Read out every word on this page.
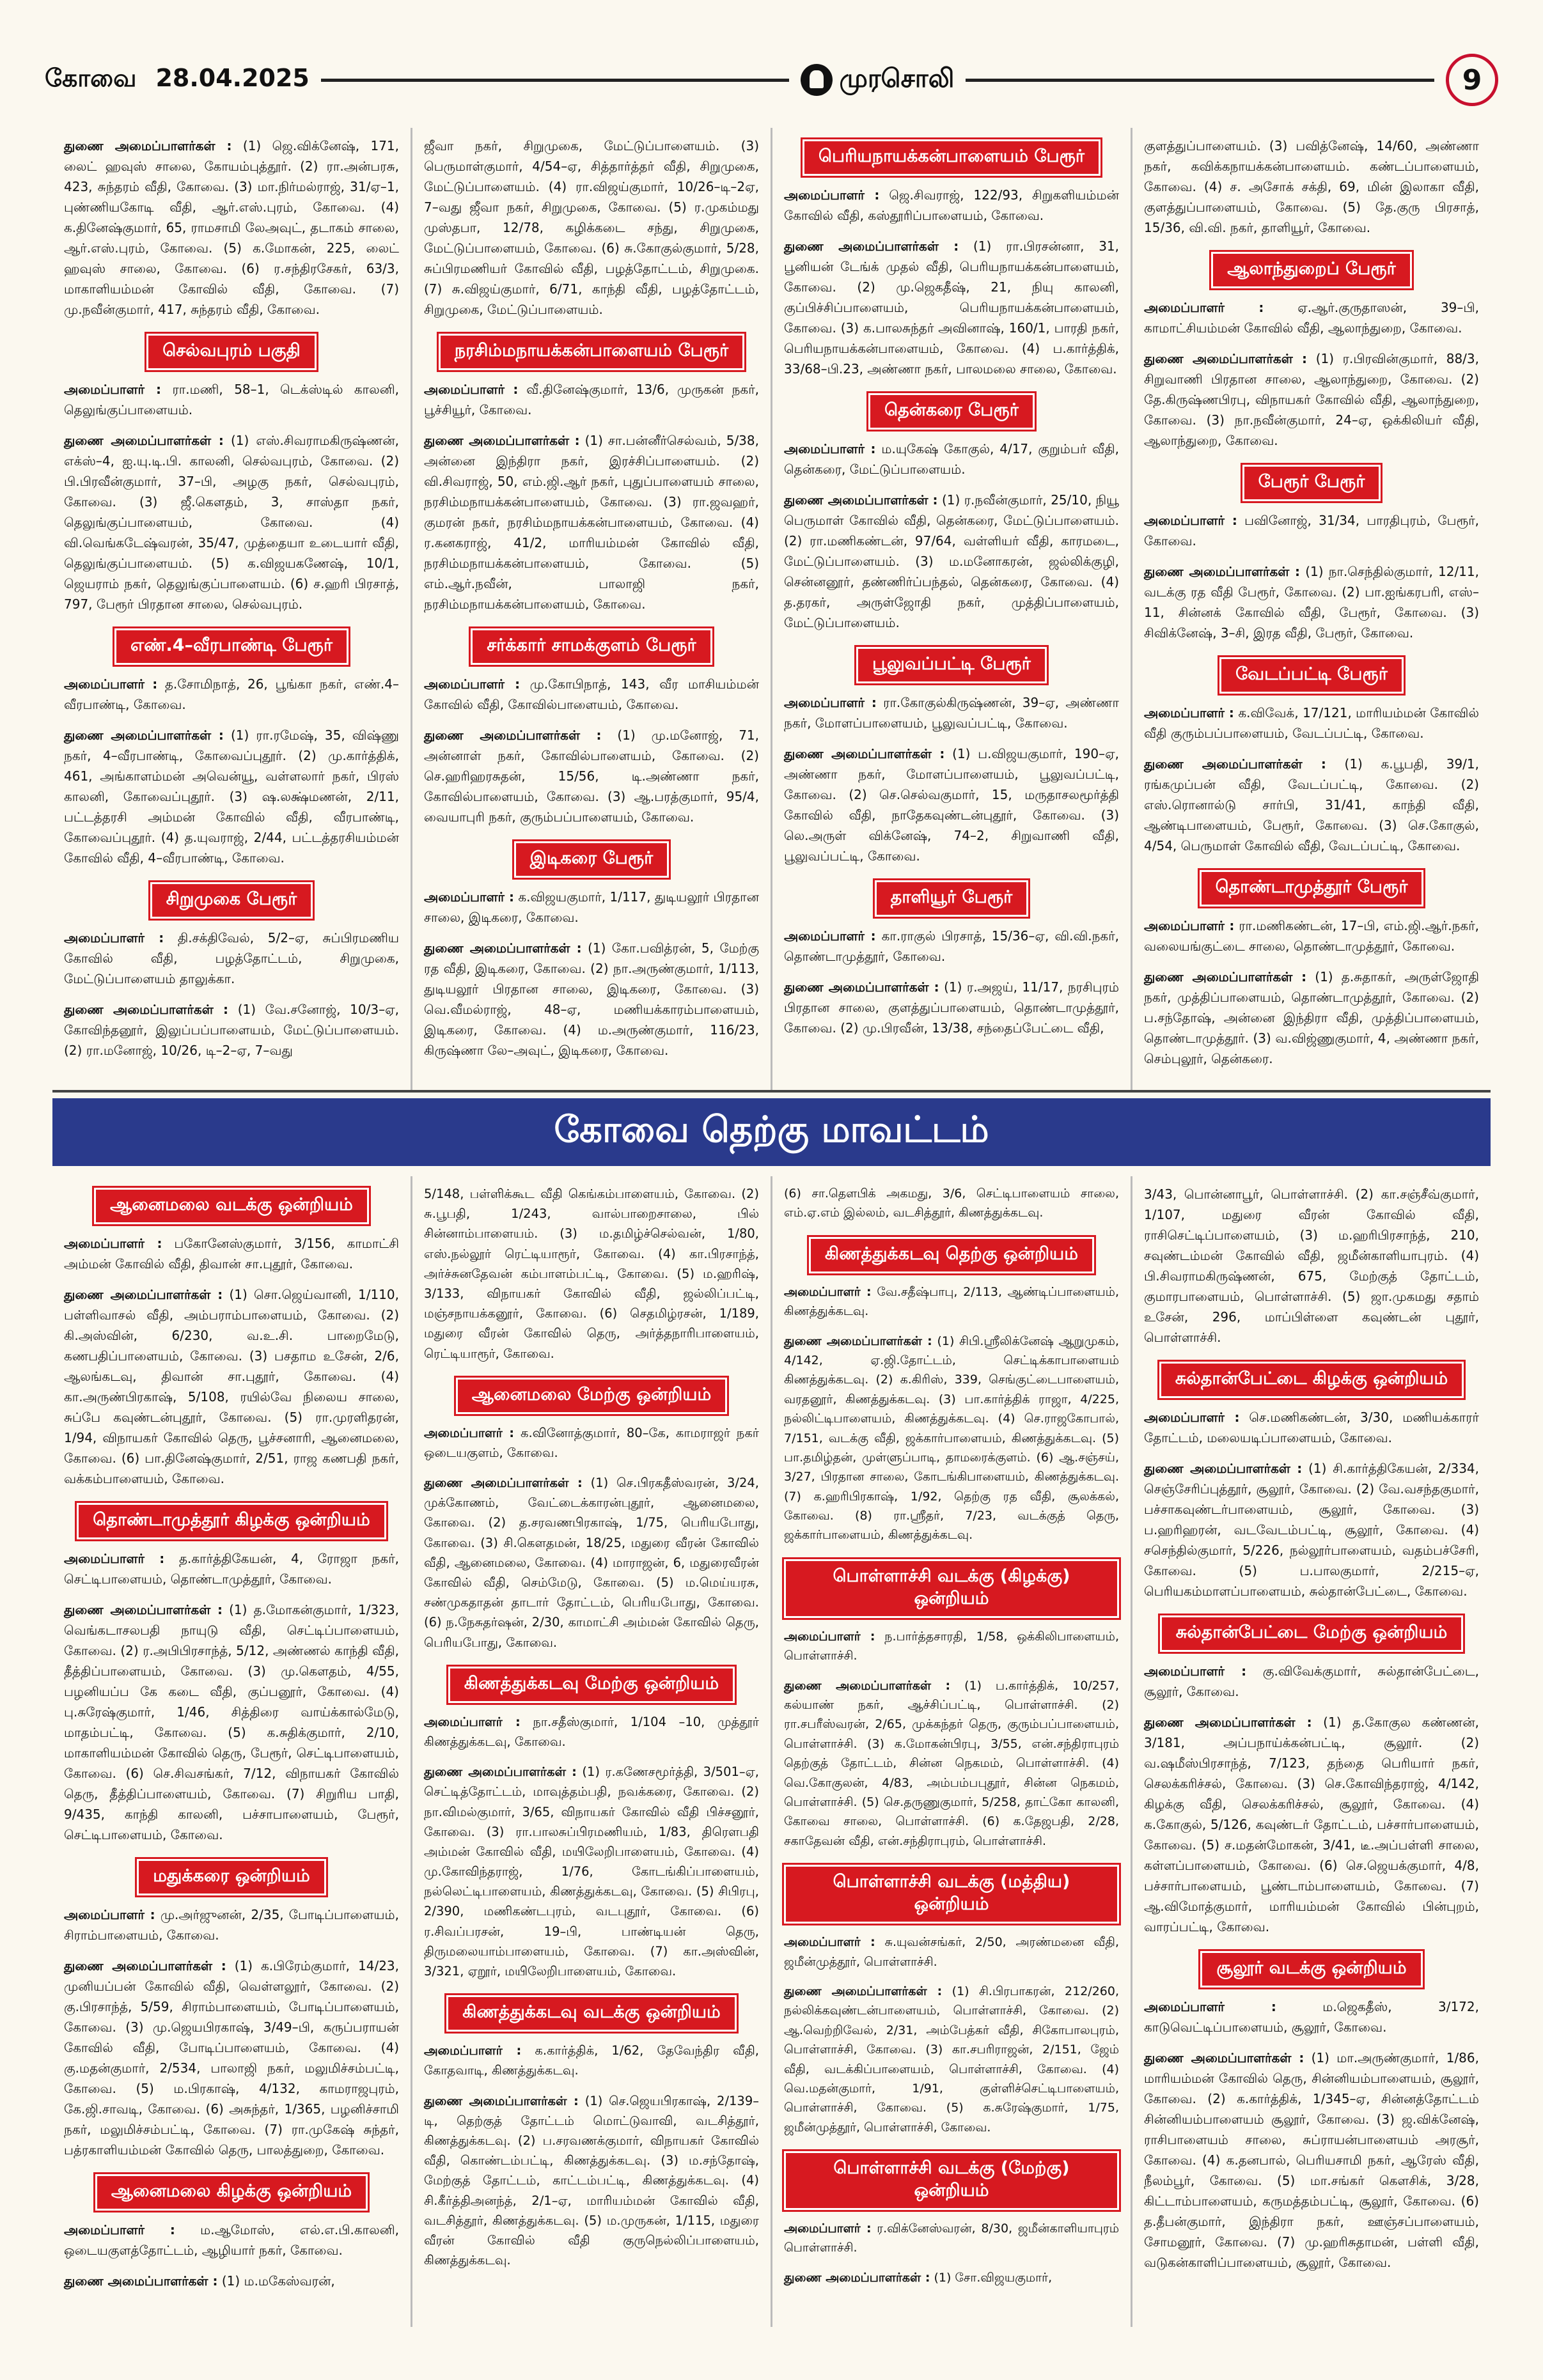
கோவை 28.04.2025	முரசொலி	9

துணை அமைப்பாளர்கள் : (1) ஜெ.விக்னேஷ், 171, லைட் ஹவுஸ் சாலை, கோயம்புத்தூர். (2) ரா.அன்பரசு, 423, சுந்தரம் வீதி, கோவை. (3) மா.நிர்மல்ராஜ், 31/ஏ–1, புண்ணியகோடி வீதி, ஆர்.எஸ்.புரம், கோவை. (4) க.தினேஷ்குமார், 65, ராமசாமி லேஅவுட், தடாகம் சாலை, ஆர்.எஸ்.புரம், கோவை. (5) க.மோகன், 225, லைட் ஹவுஸ் சாலை, கோவை. (6) ர.சந்திரசேகர், 63/3, மாகாளியம்மன் கோவில் வீதி, கோவை. (7) மு.நவீன்குமார், 417, சுந்தரம் வீதி, கோவை.

செல்வபுரம் பகுதி

அமைப்பாளர் : ரா.மணி, 58–1, டெக்ஸ்டில் காலனி, தெலுங்குப்பாளையம்.

துணை அமைப்பாளர்கள் : (1) எஸ்.சிவராமகிருஷ்ணன், எக்ஸ்–4, ஐ.யு.டி.பி. காலனி, செல்வபுரம், கோவை. (2) பி.பிரவீன்குமார், 37–பி, அழகு நகர், செல்வபுரம், கோவை. (3) ஜீ.கௌதம், 3, சாஸ்தா நகர், தெலுங்குப்பாளையம், கோவை. (4) வி.வெங்கடேஷ்வரன், 35/47, முத்தையா உடையார் வீதி, தெலுங்குப்பாளையம். (5) க.விஜயகணேஷ், 10/1, ஜெயராம் நகர், தெலுங்குப்பாளையம். (6) ச.ஹரி பிரசாத், 797, பேரூர் பிரதான சாலை, செல்வபுரம்.

எண்.4–வீரபாண்டி பேரூர்

அமைப்பாளர் : த.சோமிநாத், 26, பூங்கா நகர், எண்.4–வீரபாண்டி, கோவை.

துணை அமைப்பாளர்கள் : (1) ரா.ரமேஷ், 35, விஷ்ணு நகர், 4–வீரபாண்டி, கோவைப்புதூர். (2) மு.கார்த்திக், 461, அங்காளம்மன் அவென்யூ, வள்ளலார் நகர், பிரஸ் காலனி, கோவைப்புதூர். (3) ஷ.லக்ஷ்மணன், 2/11, பட்டத்தரசி அம்மன் கோவில் வீதி, வீரபாண்டி, கோவைப்புதூர். (4) த.யுவராஜ், 2/44, பட்டத்தரசியம்மன் கோவில் வீதி, 4–வீரபாண்டி, கோவை.

சிறுமுகை பேரூர்

அமைப்பாளர் : தி.சக்திவேல், 5/2–ஏ, சுப்பிரமணிய கோவில் வீதி, பழத்தோட்டம், சிறுமுகை, மேட்டுப்பாளையம் தாலுக்கா.

துணை அமைப்பாளர்கள் : (1) வே.சனோஜ், 10/3–ஏ, கோவிந்தனூர், இலுப்பப்பாளையம், மேட்டுப்பாளையம். (2) ரா.மனோஜ், 10/26, டி–2–ஏ, 7–வது

ஜீவா நகர், சிறுமுகை, மேட்டுப்பாளையம். (3) பெருமாள்குமார், 4/54–ஏ, சித்தார்த்தர் வீதி, சிறுமுகை, மேட்டுப்பாளையம். (4) ரா.விஜய்குமார், 10/26–டி–2ஏ, 7–வது ஜீவா நகர், சிறுமுகை, கோவை. (5) ர.முகம்மது முஸ்தபா, 12/78, கழிக்கடை சந்து, சிறுமுகை, மேட்டுப்பாளையம், கோவை. (6) சு.கோகுல்குமார், 5/28, சுப்பிரமணியர் கோவில் வீதி, பழத்தோட்டம், சிறுமுகை. (7) சு.விஜய்குமார், 6/71, காந்தி வீதி, பழத்தோட்டம், சிறுமுகை, மேட்டுப்பாளையம்.

நரசிம்மநாயக்கன்பாளையம் பேரூர்

அமைப்பாளர் : வீ.தினேஷ்குமார், 13/6, முருகன் நகர், பூச்சியூர், கோவை.

துணை அமைப்பாளர்கள் : (1) சா.பன்னீர்செல்வம், 5/38, அன்னை இந்திரா நகர், இரச்சிப்பாளையம். (2) வி.சிவராஜ், 50, எம்.ஜி.ஆர் நகர், புதுப்பாளையம் சாலை, நரசிம்மநாயக்கன்பாளையம், கோவை. (3) ரா.ஜவஹர், குமரன் நகர், நரசிம்மநாயக்கன்பாளையம், கோவை. (4) ர.கனகராஜ், 41/2, மாரியம்மன் கோவில் வீதி, நரசிம்மநாயக்கன்பாளையம், கோவை. (5) எம்.ஆர்.நவீன், பாலாஜி நகர், நரசிம்மநாயக்கன்பாளையம், கோவை.

சர்க்கார் சாமக்குளம் பேரூர்

அமைப்பாளர் : மு.கோபிநாத், 143, வீர மாசியம்மன் கோவில் வீதி, கோவில்பாளையம், கோவை.

துணை அமைப்பாளர்கள் : (1) மு.மனோஜ், 71, அன்னாள் நகர், கோவில்பாளையம், கோவை. (2) செ.ஹரிஹரசுதன், 15/56, டி.அண்ணா நகர், கோவில்பாளையம், கோவை. (3) ஆ.பரத்குமார், 95/4, வையாபுரி நகர், குரும்பப்பாளையம், கோவை.

இடிகரை பேரூர்

அமைப்பாளர் : க.விஜயகுமார், 1/117, துடியலூர் பிரதான சாலை, இடிகரை, கோவை.

துணை அமைப்பாளர்கள் : (1) கோ.பவித்ரன், 5, மேற்கு ரத வீதி, இடிகரை, கோவை. (2) நா.அருண்குமார், 1/113, துடியலூர் பிரதான சாலை, இடிகரை, கோவை. (3) வெ.வீமல்ராஜ், 48–ஏ, மணியக்காரம்பாளையம், இடிகரை, கோவை. (4) ம.அருண்குமார், 116/23, கிருஷ்ணா லே–அவுட், இடிகரை, கோவை.

பெரியநாயக்கன்பாளையம் பேரூர்

அமைப்பாளர் : ஜெ.சிவராஜ், 122/93, சிறுகளியம்மன் கோவில் வீதி, கஸ்தூரிப்பாளையம், கோவை.

துணை அமைப்பாளர்கள் : (1) ரா.பிரசன்னா, 31, பூனியன் டேங்க் முதல் வீதி, பெரியநாயக்கன்பாளையம், கோவை. (2) மு.ஜெகதீஷ், 21, நியு காலனி, குப்பிச்சிப்பாளையம், பெரியநாயக்கன்பாளையம், கோவை. (3) க.பாலசுந்தர் அவினாஷ், 160/1, பாரதி நகர், பெரியநாயக்கன்பாளையம், கோவை. (4) ப.கார்த்திக், 33/68–பி.23, அண்ணா நகர், பாலமலை சாலை, கோவை.

தென்கரை பேரூர்

அமைப்பாளர் : ம.யுகேஷ் கோகுல், 4/17, குறும்பர் வீதி, தென்கரை, மேட்டுப்பாளையம்.

துணை அமைப்பாளர்கள் : (1) ர.நவீன்குமார், 25/10, நியூ பெருமாள் கோவில் வீதி, தென்கரை, மேட்டுப்பாளையம். (2) ரா.மணிகண்டன், 97/64, வள்ளியர் வீதி, காரமடை, மேட்டுப்பாளையம். (3) ம.மனோகரன், ஜல்லிக்குழி, சென்னனூர், தண்ணிர்ப்பந்தல், தென்கரை, கோவை. (4) த.தரகர், அருள்ஜோதி நகர், முத்திப்பாளையம், மேட்டுப்பாளையம்.

பூலுவப்பட்டி பேரூர்

அமைப்பாளர் : ரா.கோகுல்கிருஷ்ணன், 39–ஏ, அண்ணா நகர், மோளப்பாளையம், பூலுவப்பட்டி, கோவை.

துணை அமைப்பாளர்கள் : (1) ப.விஜயகுமார், 190–ஏ, அண்ணா நகர், மோளப்பாளையம், பூலுவப்பட்டி, கோவை. (2) செ.செல்வகுமார், 15, மருதாசலமூர்த்தி கோவில் வீதி, நாதேகவுண்டன்புதூர், கோவை. (3) லெ.அருள் விக்னேஷ், 74–2, சிறுவாணி வீதி, பூலுவப்பட்டி, கோவை.

தாளியூர் பேரூர்

அமைப்பாளர் : கா.ராகுல் பிரசாத், 15/36–ஏ, வி.வி.நகர், தொண்டாமுத்தூர், கோவை.

துணை அமைப்பாளர்கள் : (1) ர.அஜய், 11/17, நரசிபுரம் பிரதான சாலை, குளத்துப்பாளையம், தொண்டாமுத்தூர், கோவை. (2) மு.பிரவீன், 13/38, சந்தைப்பேட்டை வீதி,

குளத்துப்பாளையம். (3) பவித்னேஷ், 14/60, அண்ணா நகர், கவிக்கநாயக்கன்பாளையம். கண்டப்பாளையம், கோவை. (4) ச. அசோக் சக்தி, 69, மின் இலாகா வீதி, குளத்துப்பாளையம், கோவை. (5) தே.குரு பிரசாத், 15/36, வி.வி. நகர், தாளியூர், கோவை.

ஆலாந்துறைப் பேரூர்

அமைப்பாளர் :	ஏ.ஆர்.குருதாஸன், 39–பி, காமாட்சியம்மன் கோவில் வீதி, ஆலாந்துறை, கோவை.

துணை அமைப்பாளர்கள் : (1) ர.பிரவின்குமார், 88/3, சிறுவாணி பிரதான சாலை, ஆலாந்துறை, கோவை. (2) தே.கிருஷ்ணபிரபு, விநாயகர் கோவில் வீதி, ஆலாந்துறை, கோவை. (3) நா.நவீன்குமார், 24–ஏ, ஒக்கிலியர் வீதி, ஆலாந்துறை, கோவை.

பேரூர் பேரூர்

அமைப்பாளர் : பவினோஜ், 31/34, பாரதிபுரம், பேரூர், கோவை.

துணை அமைப்பாளர்கள் : (1) நா.செந்தில்குமார், 12/11, வடக்கு ரத வீதி பேரூர், கோவை. (2) பா.ஐங்கரபரி, எஸ்–11, சின்னக் கோவில் வீதி, பேரூர், கோவை. (3) சிவிக்னேஷ், 3–சி, இரத வீதி, பேரூர், கோவை.

வேடப்பட்டி பேரூர்

அமைப்பாளர் : க.விவேக், 17/121, மாரியம்மன் கோவில் வீதி குரும்பப்பாளையம், வேடப்பட்டி, கோவை.

துணை அமைப்பாளர்கள் : (1) க.பூபதி, 39/1, ரங்கமுப்பன் வீதி, வேடப்பட்டி, கோவை. (2) எஸ்.ரொனால்டு சார்பி, 31/41, காந்தி வீதி, ஆண்டிபாளையம், பேரூர், கோவை. (3) செ.கோகுல், 4/54, பெருமாள் கோவில் வீதி, வேடப்பட்டி, கோவை.

தொண்டாமுத்தூர் பேரூர்

அமைப்பாளர் : ரா.மணிகண்டன், 17–பி, எம்.ஜி.ஆர்.நகர், வலையங்குட்டை சாலை, தொண்டாமுத்தூர், கோவை.

துணை அமைப்பாளர்கள் : (1) த.சுதாகர், அருள்ஜோதி நகர், முத்திப்பாளையம், தொண்டாமுத்தூர், கோவை. (2) ப.சந்தோஷ், அன்னை இந்திரா வீதி, முத்திப்பாளையம், தொண்டாமுத்தூர். (3) வ.விஜ்ணுகுமார், 4, அண்ணா நகர், செம்புலூர், தென்கரை.

கோவை தெற்கு மாவட்டம்
ஆனைமலை வடக்கு ஒன்றியம்

அமைப்பாளர் : பகோனேஸ்குமார், 3/156, காமாட்சி அம்மன் கோவில் வீதி, திவான் சா.புதூர், கோவை.

துணை அமைப்பாளர்கள் : (1) சொ.ஜெய்வானி, 1/110, பள்ளிவாசல் வீதி, அம்பராம்பாளையம், கோவை. (2) கி.அஸ்வின், 6/230, வ.உ.சி. பாறைமேடு, கணபதிப்பாளையம், கோவை. (3) பசதாம உசேன், 2/6, ஆலங்கடவு, திவான் சா.புதூர், கோவை. (4) கா.அருண்பிரகாஷ், 5/108, ரயில்வே நிலைய சாலை, சுப்பே கவுண்டன்புதூர், கோவை. (5) ரா.முரளிதரன், 1/94, விநாயகர் கோவில் தெரு, பூச்சனாரி, ஆனைமலை, கோவை. (6) பா.தினேஷ்குமார், 2/51, ராஜ கணபதி நகர், வக்கம்பாளையம், கோவை.

தொண்டாமுத்தூர் கிழக்கு ஒன்றியம்

அமைப்பாளர் : த.கார்த்திகேயன், 4, ரோஜா நகர், செட்டிபாளையம், தொண்டாமுத்தூர், கோவை.

துணை அமைப்பாளர்கள் : (1) த.மோகன்குமார், 1/323, வெங்கடாசலபதி நாயுடு வீதி, செட்டிப்பாளையம், கோவை. (2) ர.அபிபிரசாந்த், 5/12, அண்ணல் காந்தி வீதி, தீத்திப்பாளையம், கோவை. (3) மு.கெளதம், 4/55, பழனியப்ப கே கடை வீதி, குப்பனூர், கோவை. (4) பு.சுரேஷ்குமார், 1/46, சித்திரை வாய்க்கால்மேடு, மாதம்பட்டி, கோவை. (5) க.சுதிக்குமார், 2/10, மாகாளியம்மன் கோவில் தெரு, பேரூர், செட்டிபாளையம், கோவை. (6) செ.சிவசங்கர், 7/12, விநாயகர் கோவில் தெரு, தீத்திப்பாளையம், கோவை. (7) சிறுரிய பாதி, 9/435, காந்தி காலனி, பச்சாபாளையம், பேரூர், செட்டிபாளையம், கோவை.

மதுக்கரை ஒன்றியம்

அமைப்பாளர் : மு.அர்ஜுனன், 2/35, போடிப்பாளையம், சிராம்பாளையம், கோவை.

துணை அமைப்பாளர்கள் : (1) க.பிரேம்குமார், 14/23, முனியப்பன் கோவில் வீதி, வெள்ளலூர், கோவை. (2) கு.பிரசாந்த், 5/59, சிராம்பாளையம், போடிப்பாளையம், கோவை. (3) மு.ஜெயபிரகாஷ், 3/49–பி, கருப்பராயன் கோவில் வீதி, போடிப்பாளையம், கோவை. (4) கு.மதன்குமார், 2/534, பாலாஜி நகர், மலுமிச்சம்பட்டி, கோவை. (5) ம.பிரகாஷ், 4/132, காமராஜபுரம், கே.ஜி.சாவடி, கோவை. (6) அசுந்தர், 1/365, பழனிச்சாமி நகர், மலுமிச்சம்பட்டி, கோவை. (7) ரா.முகேஷ் சுந்தர், பத்ரகாளியம்மன் கோவில் தெரு, பாலத்துறை, கோவை.

ஆனைமலை கிழக்கு ஒன்றியம்

அமைப்பாளர் : ம.ஆமோஸ், எல்.எ.பி.காலனி, ஒடையகுளத்தோட்டம், ஆழியார் நகர், கோவை.

துணை அமைப்பாளர்கள் : (1) ம.மகேஸ்வரன்,

5/148, பள்ளிக்கூட வீதி கெங்கம்பாளையம், கோவை. (2) சு.பூபதி, 1/243, வால்பாறைசாலை, பில் சின்னாம்பாளையம். (3) ம.தமிழ்ச்செல்வன், 1/80, எஸ்.நல்லூர் ரெட்டியாரூர், கோவை. (4) கா.பிரசாந்த், அர்ச்சுனதேவன் கம்பாளம்பட்டி, கோவை. (5) ம.ஹரிஷ், 3/133, விநாயகர் கோவில் வீதி, ஜல்லிப்பட்டி, மஞ்சநாயக்கனூர், கோவை. (6) செதமிழ்ரசன், 1/189, மதுரை வீரன் கோவில் தெரு, அர்த்தநாரிபாளையம், ரெட்டியாரூர், கோவை.

ஆனைமலை மேற்கு ஒன்றியம்

அமைப்பாளர் : க.வினோத்குமார், 80–கே, காமராஜர் நகர் ஒடையகுளம், கோவை.

துணை அமைப்பாளர்கள் : (1) செ.பிரகதீஸ்வரன், 3/24, முக்கோணம், வேட்டைக்காரன்புதூர், ஆனைமலை, கோவை. (2) த.சரவணபிரகாஷ், 1/75, பெரியபோது, கோவை. (3) சி.கௌதமன், 18/25, மதுரை வீரன் கோவில் வீதி, ஆனைமலை, கோவை. (4) மாராஜன், 6, மதுரைவீரன் கோவில் வீதி, செம்மேடு, கோவை. (5) ம.மெய்யரசு, சண்முகதாதன் தாடார் தோட்டம், பெரியபோது, கோவை. (6) ந.நேசுதர்ஷன், 2/30, காமாட்சி அம்மன் கோவில் தெரு, பெரியபோது, கோவை.

கிணத்துக்கடவு மேற்கு ஒன்றியம்

அமைப்பாளர் : நா.சதீஸ்குமார், 1/104 –10, முத்தூர் கிணத்துக்கடவு, கோவை.

துணை அமைப்பாளர்கள் : (1) ர.கணேசமூர்த்தி, 3/501–ஏ, செட்டித்தோட்டம், மாவுத்தம்பதி, நவக்கரை, கோவை. (2) நா.விமல்குமார், 3/65, விநாயகர் கோவில் வீதி பிச்சனூர், கோவை. (3) ரா.பாலசுப்பிரமணியம், 1/83, திரௌபதி அம்மன் கோவில் வீதி, மயிலேறிபாளையம், கோவை. (4) மு.கோவிந்தராஜ், 1/76, கோடங்கிப்பாளையம், நல்லெட்டிபாளையம், கிணத்துக்கடவு, கோவை. (5) சிபிரபு, 2/390, மணிகண்டபுரம், வடபுதூர், கோவை. (6) ர.சிவப்பரசன், 19–பி, பாண்டியன் தெரு, திருமலையாம்பாளையம், கோவை. (7) கா.அஸ்வின், 3/321, ஏறூர், மயிலேறிபாளையம், கோவை.

கிணத்துக்கடவு வடக்கு ஒன்றியம்

அமைப்பாளர் : க.கார்த்திக், 1/62, தேவேந்திர வீதி, கோதவாடி, கிணத்துக்கடவு.

துணை அமைப்பாளர்கள் : (1) செ.ஜெயபிரகாஷ், 2/139–டி, தெற்குத் தோட்டம் மொட்டுவாவி, வடசித்தூர், கிணத்துக்கடவு. (2) ப.சரவணக்குமார், விநாயகர் கோவில் வீதி, கொண்டம்பட்டி, கிணத்துக்கடவு. (3) ம.சந்தோஷ், மேற்குத் தோட்டம், காட்டம்பட்டி, கிணத்துக்கடவு. (4) சி.கீர்த்திஅனந்த், 2/1–ஏ, மாரியம்மன் கோவில் வீதி, வடசித்தூர், கிணத்துக்கடவு. (5) ம.முருகன், 1/115, மதுரை வீரன் கோவில் வீதி குருநெல்லிப்பாளையம், கிணத்துக்கடவு.

(6) சா.தௌபிக் அகமது, 3/6, செட்டிபாளையம் சாலை, எம்.ஏ.எம் இல்லம், வடசித்தூர், கிணத்துக்கடவு.

கிணத்துக்கடவு தெற்கு ஒன்றியம்

அமைப்பாளர் : வே.சதீஷ்பாபு, 2/113, ஆண்டிப்பாளையம், கிணத்துக்கடவு.

துணை அமைப்பாளர்கள் : (1) சிபி.ஸ்ரீலிக்னேஷ் ஆறுமுகம், 4/142, ஏ.ஜி.தோட்டம், செட்டிக்காபாளையம் கிணத்துக்கடவு. (2) க.கிரிஸ், 339, செங்குட்டைபாளையம், வரதனூர், கிணத்துக்கடவு. (3) பா.கார்த்திக் ராஜா, 4/225, நல்லிட்டிபாளையம், கிணத்துக்கடவு. (4) செ.ராஜகோபால், 7/151, வடக்கு வீதி, ஜக்கார்பாளையம், கிணத்துக்கடவு. (5) பா.தமிழ்தன், முள்ளுப்பாடி, தாமரைக்குளம். (6) ஆ.சஞ்சய், 3/27, பிரதான சாலை, கோடங்கிபாளையம், கிணத்துக்கடவு. (7) க.ஹரிபிரகாஷ், 1/92, தெற்கு ரத வீதி, சூலக்கல், கோவை. (8) ரா.ஸ்ரீதர், 7/23, வடக்குத் தெரு, ஜக்கார்பாளையம், கிணத்துக்கடவு.

பொள்ளாச்சி வடக்கு (கிழக்கு) ஒன்றியம்

அமைப்பாளர் : ந.பார்த்தசாரதி, 1/58, ஒக்கிலிபாளையம், பொள்ளாச்சி.

துணை அமைப்பாளர்கள் : (1) ப.கார்த்திக், 10/257, கல்யாண் நகர், ஆச்சிப்பட்டி, பொள்ளாச்சி. (2) ரா.சபரீஸ்வரன், 2/65, முக்கந்தர் தெரு, குரும்பப்பாளையம், பொள்ளாச்சி. (3) க.மோகன்பிரபு, 3/55, என்.சந்திராபுரம் தெற்குத் தோட்டம், சின்ன நெகமம், பொள்ளாச்சி. (4) வெ.கோகுலன், 4/83, அம்பம்பபுதூர், சின்ன நெகமம், பொள்ளாச்சி. (5) செ.தருணுகுமார், 5/258, தாட்கோ காலனி, கோவை சாலை, பொள்ளாச்சி. (6) க.தேஜபதி, 2/28, சகாதேவன் வீதி, என்.சந்திராபுரம், பொள்ளாச்சி.

பொள்ளாச்சி வடக்கு (மத்திய) ஒன்றியம்

அமைப்பாளர் : சு.யுவன்சங்கர், 2/50, அரண்மனை வீதி, ஜமீன்முத்தூர், பொள்ளாச்சி.

துணை அமைப்பாளர்கள் : (1) சி.பிரபாகரன், 212/260, நல்லிக்கவுண்டன்பாளையம், பொள்ளாச்சி, கோவை. (2) ஆ.வெற்றிவேல், 2/31, அம்பேத்கர் வீதி, சிகோபாலபுரம், பொள்ளாச்சி, கோவை. (3) கா.சபரிராஜன், 2/151, ஜேம் வீதி, வடக்கிப்பாளையம், பொள்ளாச்சி, கோவை. (4) வெ.மதன்குமார், 1/91, குள்ளிச்செட்டிபாளையம், பொள்ளாச்சி, கோவை. (5) க.சுரேஷ்குமார், 1/75, ஜமீன்முத்தூர், பொள்ளாச்சி, கோவை.

பொள்ளாச்சி வடக்கு (மேற்கு) ஒன்றியம்

அமைப்பாளர் : ர.விக்னேஸ்வரன், 8/30, ஜமீன்காளியாபுரம் பொள்ளாச்சி.

துணை அமைப்பாளர்கள் : (1) சோ.விஜயகுமார்,

3/43, பொன்னாபூர், பொள்ளாச்சி. (2) கா.சஞ்சீவ்குமார், 1/107, மதுரை வீரன் கோவில் வீதி, ராசிசெட்டிப்பாளையம், (3) ம.ஹரிபிரசாந்த், 210, சவுண்டம்மன் கோவில் வீதி, ஜமீன்காளியாபுரம். (4) பி.சிவராமகிருஷ்ணன், 675, மேற்குத் தோட்டம், குமாரபாளையம், பொள்ளாச்சி. (5) ஜா.முகமது சதாம் உசேன், 296, மாப்பிள்ளை கவுண்டன் புதூர், பொள்ளாச்சி.

சுல்தான்பேட்டை கிழக்கு ஒன்றியம்

அமைப்பாளர் : செ.மணிகண்டன், 3/30, மணியக்காரர் தோட்டம், மலையடிப்பாளையம், கோவை.

துணை அமைப்பாளர்கள் : (1) சி.கார்த்திகேயன், 2/334, செஞ்சேரிப்புத்தூர், சூலூர், கோவை. (2) வே.வசந்தகுமார், பச்சாகவுண்டர்பாளையம், சூலூர், கோவை. (3) ப.ஹரிஹரன், வடவேடம்பட்டி, சூலூர், கோவை. (4) சசெந்தில்குமார், 5/226, நல்லூர்பாளையம், வதம்பச்சேரி, கோவை. (5) ப.பாலகுமார், 2/215–ஏ, பெரியகம்மாளப்பாளையம், சுல்தான்பேட்டை, கோவை.

சுல்தான்பேட்டை மேற்கு ஒன்றியம்

அமைப்பாளர் : கு.விவேக்குமார், சுல்தான்பேட்டை, சூலூர், கோவை.

துணை அமைப்பாளர்கள் : (1) த.கோகுல கண்ணன், 3/181, அப்பநாய்க்கன்பட்டி, சூலூர். (2) வ.ஷமீஸ்பிரசாந்த், 7/123, தந்தை பெரியார் நகர், செலக்கரிச்சல், கோவை. (3) செ.கோவிந்தராஜ், 4/142, கிழக்கு வீதி, செலக்கரிச்சல், சூலூர், கோவை. (4) க.கோகுல், 5/126, கவுண்டர் தோட்டம், பச்சார்பாளையம், கோவை. (5) ச.மதன்மோகன், 3/41, டீ.அப்பள்ளி சாலை, கள்ளப்பாளையம், கோவை. (6) செ.ஜெயக்குமார், 4/8, பச்சார்பாளையம், பூண்டாம்பாளையம், கோவை. (7) ஆ.விமோத்குமார், மாரியம்மன் கோவில் பின்புறம், வாரப்பட்டி, கோவை.

சூலூர் வடக்கு ஒன்றியம்

அமைப்பாளர் :	ம.ஜெகதீஸ், 3/172, காடுவெட்டிப்பாளையம், சூலூர், கோவை.

துணை அமைப்பாளர்கள் : (1) மா.அருண்குமார், 1/86, மாரியம்மன் கோவில் தெரு, சின்னியம்பாளையம், சூலூர், கோவை. (2) க.கார்த்திக், 1/345–ஏ, சின்னத்தோட்டம் சின்னியம்பாளையம் சூலூர், கோவை. (3) ஜ.விக்னேஷ், ராசிபாளையம் சாலை, சுப்ராயன்பாளையம் அரசூர், கோவை. (4) க.தனபால், பெரியசாமி நகர், ஆரேஸ் வீதி, நீலம்பூர், கோவை. (5) மா.சங்கர் கௌசிக், 3/28, கிட்டாம்பாளையம், கருமத்தம்பட்டி, சூலூர், கோவை. (6) த.தீபன்குமார், இந்திரா நகர், ஊஞ்சப்பாளையம், சோமனூர், கோவை. (7) மு.ஹரிசுதாமன், பள்ளி வீதி, வடுகன்காளிப்பாளையம், சூலூர், கோவை.
